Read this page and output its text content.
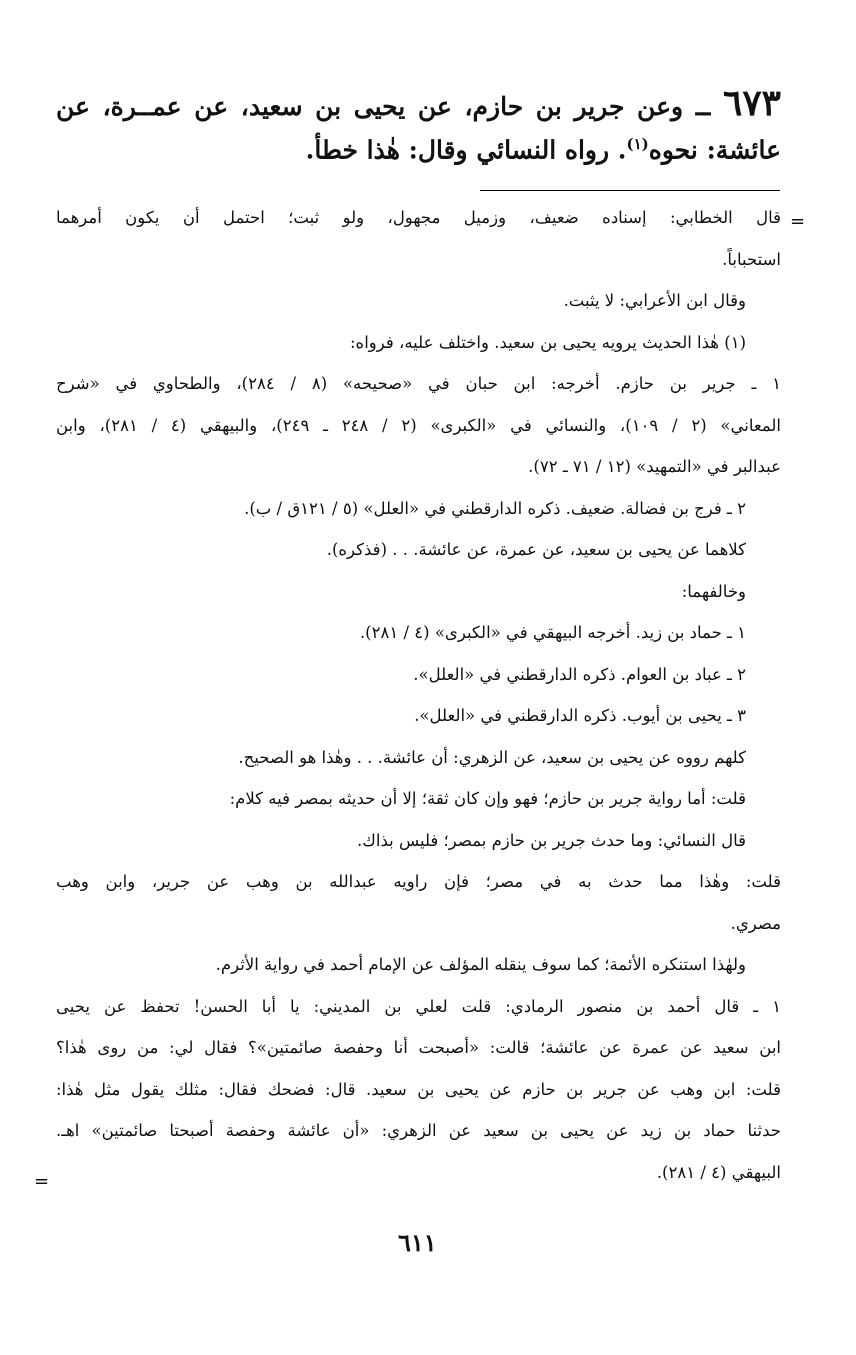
٦٧٣ ــ وعن جرير بن حازم، عن يحيى بن سعيد، عن عمــرة، عن
عائشة: نحوه$^{(١)}$. رواه النسائي وقال: هٰذا خطأ.
قال الخطابي: إسناده ضعيف، وزميل مجهول، ولو ثبت؛ احتمل أن يكون أمرهما
استحباباً.
وقال ابن الأعرابي: لا يثبت.
(١) هٰذا الحديث يرويه يحيى بن سعيد. واختلف عليه، فرواه:
١ ـ جرير بن حازم. أخرجه: ابن حبان في «صحيحه» (٨ / ٢٨٤)، والطحاوي في «شرح
المعاني» (٢ / ١٠٩)، والنسائي في «الكبرى» (٢ / ٢٤٨ ـ ٢٤٩)، والبيهقي (٤ / ٢٨١)، وابن
عبدالبر في «التمهيد» (١٢ / ٧١ ـ ٧٢).
٢ ـ فرج بن فضالة. ضعيف. ذكره الدارقطني في «العلل» (٥ / ١٢١ق / ب).
كلاهما عن يحيى بن سعيد، عن عمرة، عن عائشة. . . (فذكره).
وخالفهما:
١ ـ حماد بن زيد. أخرجه البيهقي في «الكبرى» (٤ / ٢٨١).
٢ ـ عباد بن العوام. ذكره الدارقطني في «العلل».
٣ ـ يحيى بن أيوب. ذكره الدارقطني في «العلل».
كلهم رووه عن يحيى بن سعيد، عن الزهري: أن عائشة. . . وهٰذا هو الصحيح.
قلت: أما رواية جرير بن حازم؛ فهو وإن كان ثقة؛ إلا أن حديثه بمصر فيه كلام:
قال النسائي: وما حدث جرير بن حازم بمصر؛ فليس بذاك.
قلت: وهٰذا مما حدث به في مصر؛ فإن راويه عبدالله بن وهب عن جرير، وابن وهب
مصري.
ولهٰذا استنكره الأئمة؛ كما سوف ينقله المؤلف عن الإمام أحمد في رواية الأثرم.
١ ـ قال أحمد بن منصور الرمادي: قلت لعلي بن المديني: يا أبا الحسن! تحفظ عن يحيى
ابن سعيد عن عمرة عن عائشة؛ قالت: «أصبحت أنا وحفصة صائمتين»؟ فقال لي: من روى هٰذا؟
قلت: ابن وهب عن جرير بن حازم عن يحيى بن سعيد. قال: فضحك فقال: مثلك يقول مثل هٰذا:
حدثنا حماد بن زيد عن يحيى بن سعيد عن الزهري: «أن عائشة وحفصة أصبحتا صائمتين» اهـ.
البيهقي (٤ / ٢٨١).
=
=
٦١١
